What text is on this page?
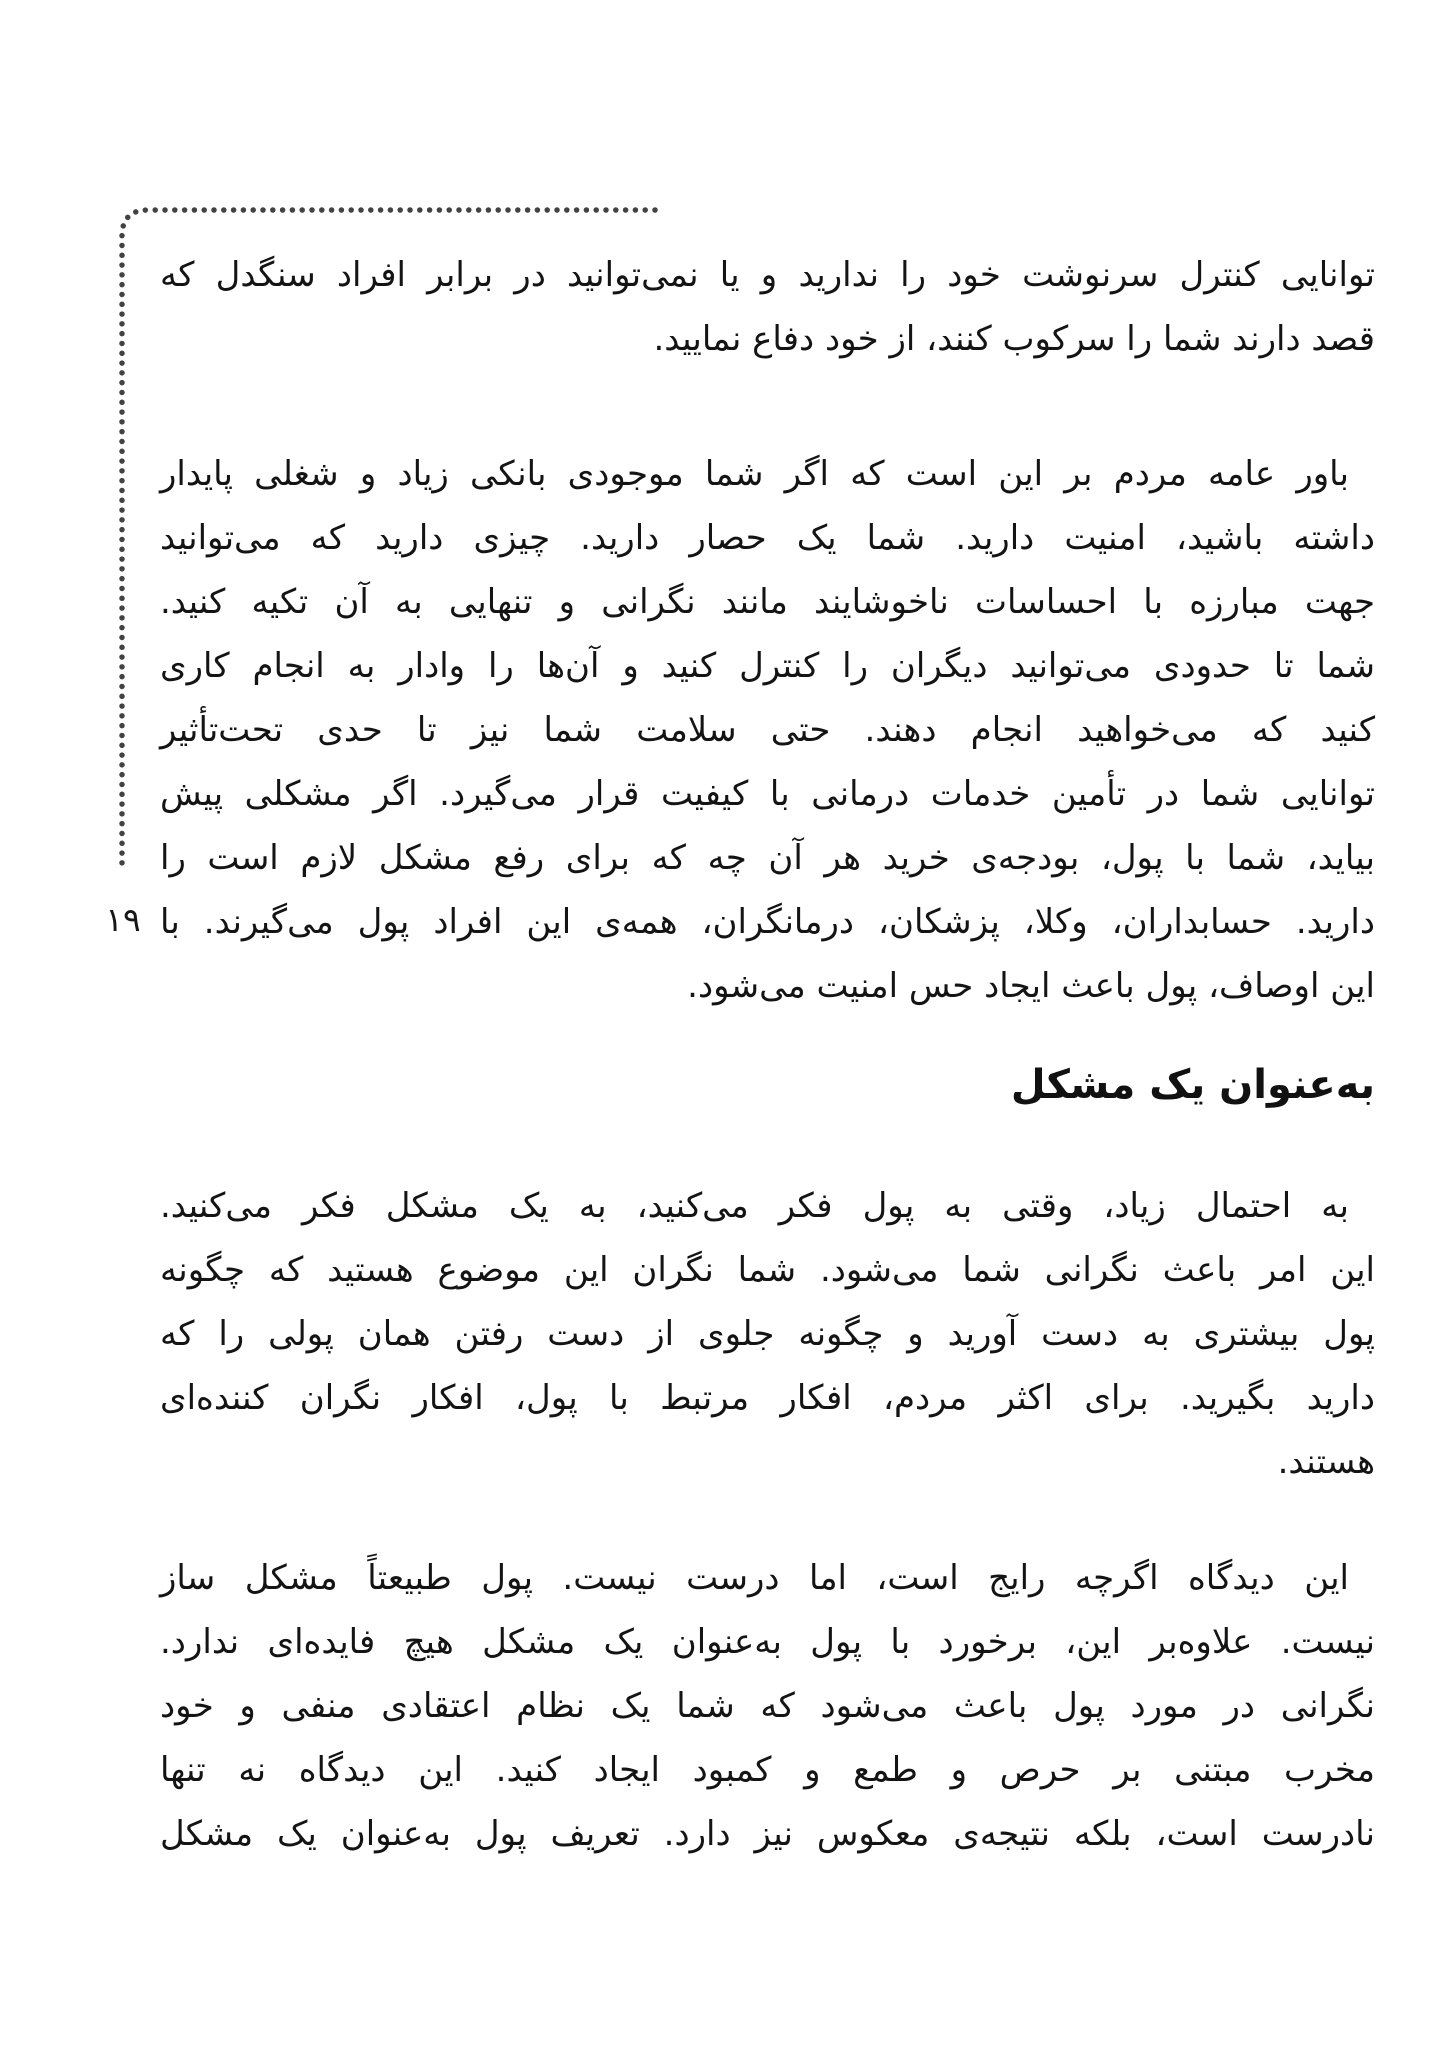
۱۹
توانایی کنترل سرنوشت خود را ندارید و یا نمی‌توانید در برابر افراد سنگدل که
قصد دارند شما را سرکوب کنند، از خود دفاع نمایید.
باور عامه مردم بر این است که اگر شما موجودی بانکی زیاد و شغلی پایدار
داشته باشید، امنیت دارید. شما یک حصار دارید. چیزی دارید که می‌توانید
جهت مبارزه با احساسات ناخوشایند مانند نگرانی و تنهایی به آن تکیه کنید.
شما تا حدودی می‌توانید دیگران را کنترل کنید و آن‌ها را وادار به انجام کاری
کنید که می‌خواهید انجام دهند. حتی سلامت شما نیز تا حدی تحت‌تأثیر
توانایی شما در تأمین خدمات درمانی با کیفیت قرار می‌گیرد. اگر مشکلی پیش
بیاید، شما با پول، بودجه‌ی خرید هر آن چه که برای رفع مشکل لازم است را
دارید. حسابداران، وکلا، پزشکان، درمانگران، همه‌ی این افراد پول می‌گیرند. با
این اوصاف، پول باعث ایجاد حس امنیت می‌شود.
به‌عنوان یک مشکل
به احتمال زیاد، وقتی به پول فکر می‌کنید، به یک مشکل فکر می‌کنید.
این امر باعث نگرانی شما می‌شود. شما نگران این موضوع هستید که چگونه
پول بیشتری به دست آورید و چگونه جلوی از دست رفتن همان پولی را که
دارید بگیرید. برای اکثر مردم، افکار مرتبط با پول، افکار نگران کننده‌ای
هستند.
این دیدگاه اگرچه رایج است، اما درست نیست. پول طبیعتاً مشکل ساز
نیست. علاوه‌بر این، برخورد با پول به‌عنوان یک مشکل هیچ فایده‌ای ندارد.
نگرانی در مورد پول باعث می‌شود که شما یک نظام اعتقادی منفی و خود
مخرب مبتنی بر حرص و طمع و کمبود ایجاد کنید. این دیدگاه نه تنها
نادرست است، بلکه نتیجه‌ی معکوس نیز دارد. تعریف پول به‌عنوان یک مشکل
